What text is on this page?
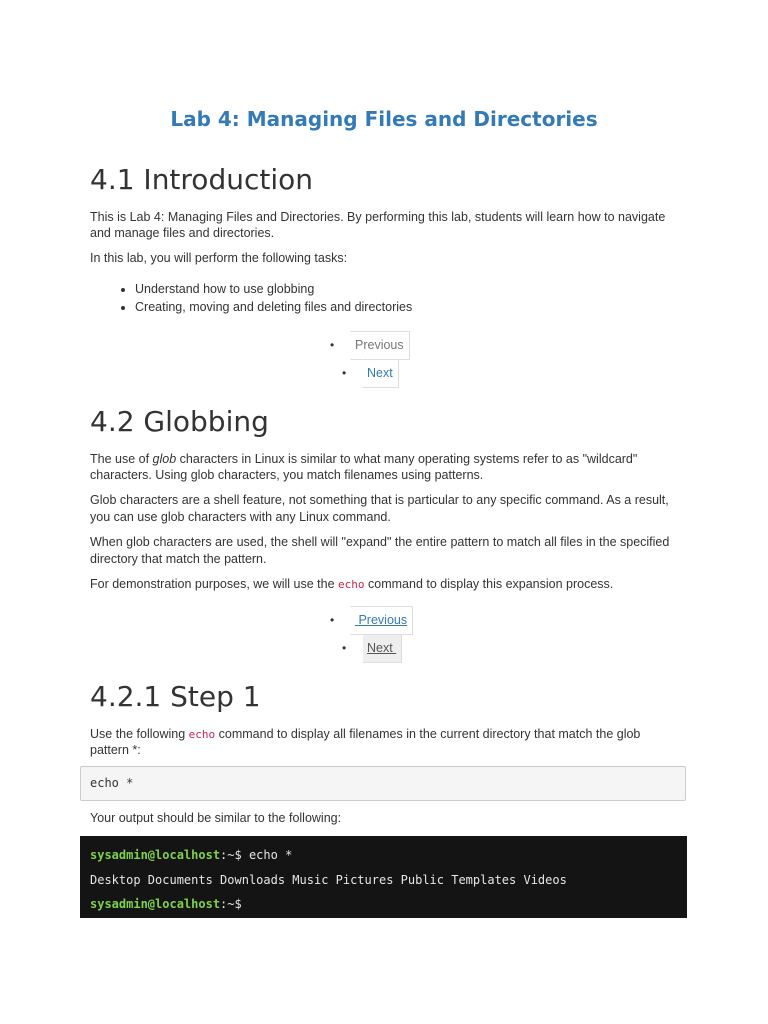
Lab 4: Managing Files and Directories
4.1 Introduction

This is Lab 4: Managing Files and Directories. By performing this lab, students will learn how to navigate and manage files and directories.

In this lab, you will perform the following tasks:

• Understand how to use globbing
• Creating, moving and deleting files and directories
•	Previous
•	Next
4.2 Globbing

The use of glob characters in Linux is similar to what many operating systems refer to as "wildcard" characters. Using glob characters, you match filenames using patterns.

Glob characters are a shell feature, not something that is particular to any specific command. As a result, you can use glob characters with any Linux command.

When glob characters are used, the shell will "expand" the entire pattern to match all files in the specified directory that match the pattern.

For demonstration purposes, we will use the echo command to display this expansion process.

•	Previous
•	Next
4.2.1 Step 1

Use the following echo command to display all filenames in the current directory that match the glob pattern *:

echo *

Your output should be similar to the following:

sysadmin@localhost:~$ echo *
Desktop Documents Downloads Music Pictures Public Templates Videos
sysadmin@localhost:~$
